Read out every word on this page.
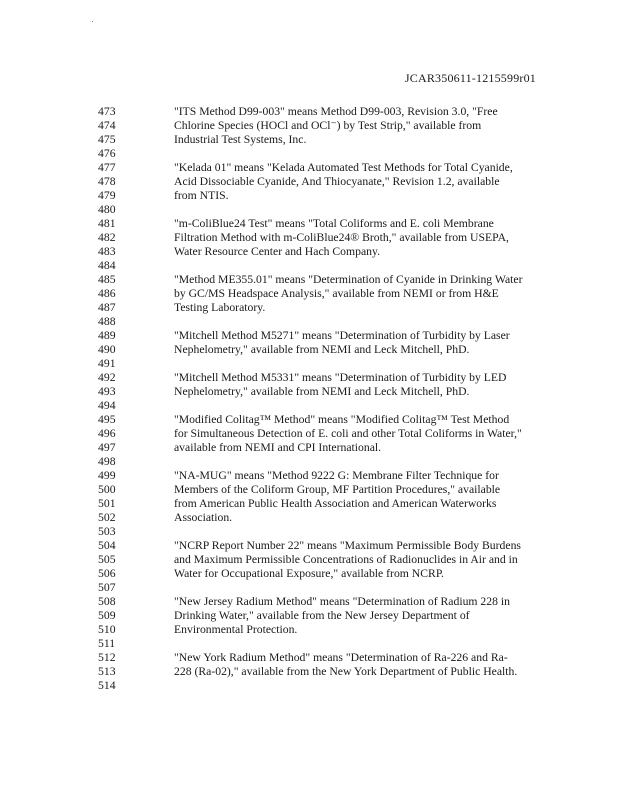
JCAR350611-1215599r01
473	"ITS Method D99-003" means Method D99-003, Revision 3.0, "Free
474	Chlorine Species (HOCl and OCl⁻) by Test Strip," available from
475	Industrial Test Systems, Inc.
476
477	"Kelada 01" means "Kelada Automated Test Methods for Total Cyanide,
478	Acid Dissociable Cyanide, And Thiocyanate," Revision 1.2, available
479	from NTIS.
480
481	"m-ColiBlue24 Test" means "Total Coliforms and E. coli Membrane
482	Filtration Method with m-ColiBlue24® Broth," available from USEPA,
483	Water Resource Center and Hach Company.
484
485	"Method ME355.01" means "Determination of Cyanide in Drinking Water
486	by GC/MS Headspace Analysis," available from NEMI or from H&E
487	Testing Laboratory.
488
489	"Mitchell Method M5271" means "Determination of Turbidity by Laser
490	Nephelometry," available from NEMI and Leck Mitchell, PhD.
491
492	"Mitchell Method M5331" means "Determination of Turbidity by LED
493	Nephelometry," available from NEMI and Leck Mitchell, PhD.
494
495	"Modified Colitag™ Method" means "Modified Colitag™ Test Method
496	for Simultaneous Detection of E. coli and other Total Coliforms in Water,"
497	available from NEMI and CPI International.
498
499	"NA-MUG" means "Method 9222 G: Membrane Filter Technique for
500	Members of the Coliform Group, MF Partition Procedures," available
501	from American Public Health Association and American Waterworks
502	Association.
503
504	"NCRP Report Number 22" means "Maximum Permissible Body Burdens
505	and Maximum Permissible Concentrations of Radionuclides in Air and in
506	Water for Occupational Exposure," available from NCRP.
507
508	"New Jersey Radium Method" means "Determination of Radium 228 in
509	Drinking Water," available from the New Jersey Department of
510	Environmental Protection.
511
512	"New York Radium Method" means "Determination of Ra-226 and Ra-
513	228 (Ra-02)," available from the New York Department of Public Health.
514
